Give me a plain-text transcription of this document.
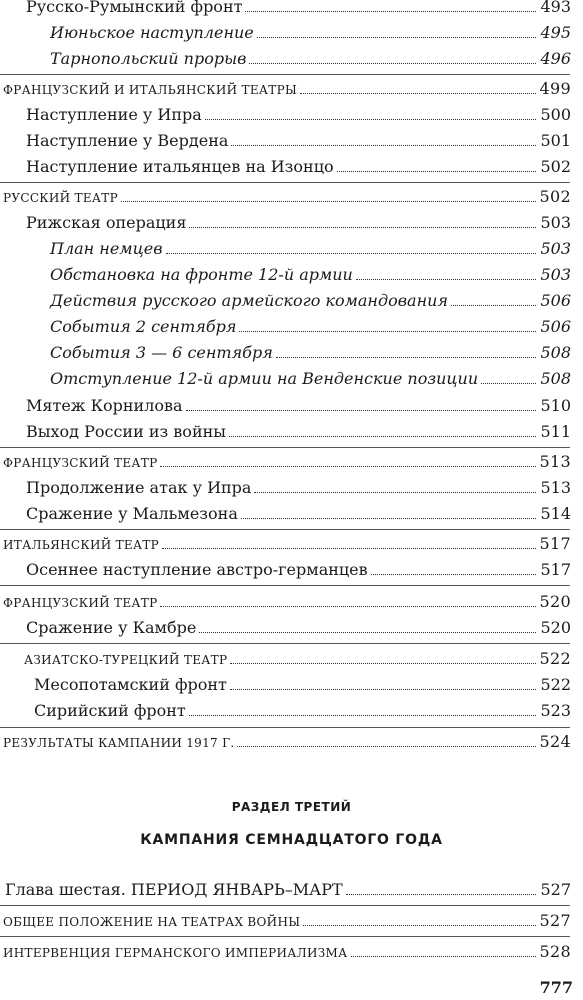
Русско-Румынский фронт	493
Июньское наступление	495
Тарнопольский прорыв	496
ФРАНЦУЗСКИЙ И ИТАЛЬЯНСКИЙ ТЕАТРЫ	499
Наступление у Ипра	500
Наступление у Вердена	501
Наступление итальянцев на Изонцо	502
РУССКИЙ ТЕАТР	502
Рижская операция	503
План немцев	503
Обстановка на фронте 12-й армии	503
Действия русского армейского командования	506
События 2 сентября	506
События 3 — 6 сентября	508
Отступление 12-й армии на Венденские позиции	508
Мятеж Корнилова	510
Выход России из войны	511
ФРАНЦУЗСКИЙ ТЕАТР	513
Продолжение атак у Ипра	513
Сражение у Мальмезона	514
ИТАЛЬЯНСКИЙ ТЕАТР	517
Осеннее наступление австро-германцев	517
ФРАНЦУЗСКИЙ ТЕАТР	520
Сражение у Камбре	520
АЗИАТСКО-ТУРЕЦКИЙ ТЕАТР	522
Месопотамский фронт	522
Сирийский фронт	523
РЕЗУЛЬТАТЫ КАМПАНИИ 1917 Г.	524
РАЗДЕЛ ТРЕТИЙ
КАМПАНИЯ СЕМНАДЦАТОГО ГОДА
Глава шестая. ПЕРИОД ЯНВАРЬ–МАРТ	527
ОБЩЕЕ ПОЛОЖЕНИЕ НА ТЕАТРАХ ВОЙНЫ	527
ИНТЕРВЕНЦИЯ ГЕРМАНСКОГО ИМПЕРИАЛИЗМА	528
777
